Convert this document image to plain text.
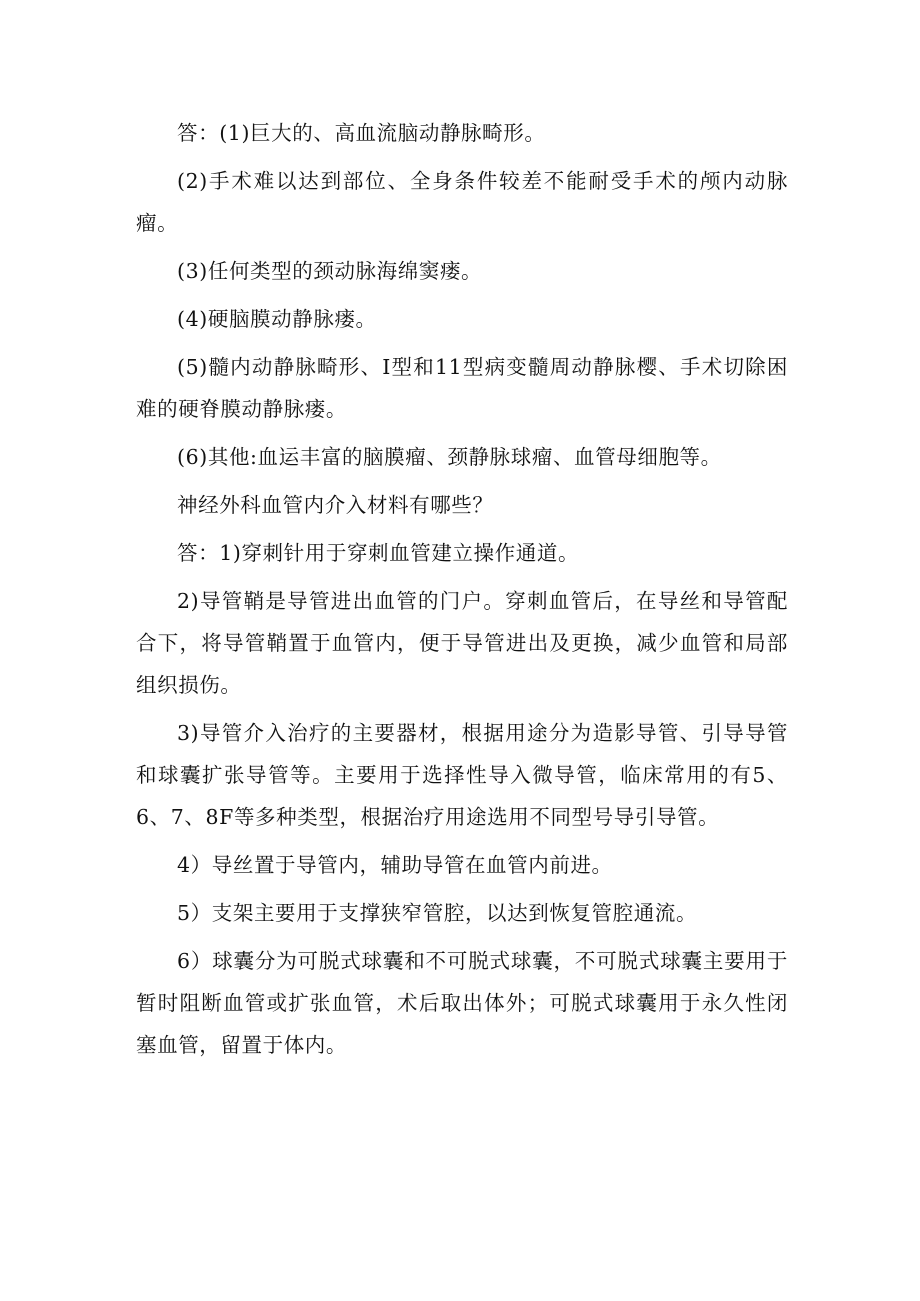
答：(1)巨大的、高血流脑动静脉畸形。

(2)手术难以达到部位、全身条件较差不能耐受手术的颅内动脉瘤。

(3)任何类型的颈动脉海绵窦瘘。

(4)硬脑膜动静脉瘘。

(5)髓内动静脉畸形、I型和11型病变髓周动静脉樱、手术切除困难的硬脊膜动静脉瘘。

(6)其他:血运丰富的脑膜瘤、颈静脉球瘤、血管母细胞等。

神经外科血管内介入材料有哪些？

答：1)穿刺针用于穿刺血管建立操作通道。

2)导管鞘是导管进出血管的门户。穿刺血管后，在导丝和导管配合下，将导管鞘置于血管内，便于导管进出及更换，减少血管和局部组织损伤。

3)导管介入治疗的主要器材，根据用途分为造影导管、引导导管和球囊扩张导管等。主要用于选择性导入微导管，临床常用的有5、6、7、8F等多种类型，根据治疗用途选用不同型号导引导管。

4）导丝置于导管内，辅助导管在血管内前进。

5）支架主要用于支撑狭窄管腔，以达到恢复管腔通流。

6）球囊分为可脱式球囊和不可脱式球囊，不可脱式球囊主要用于暂时阻断血管或扩张血管，术后取出体外；可脱式球囊用于永久性闭塞血管，留置于体内。
